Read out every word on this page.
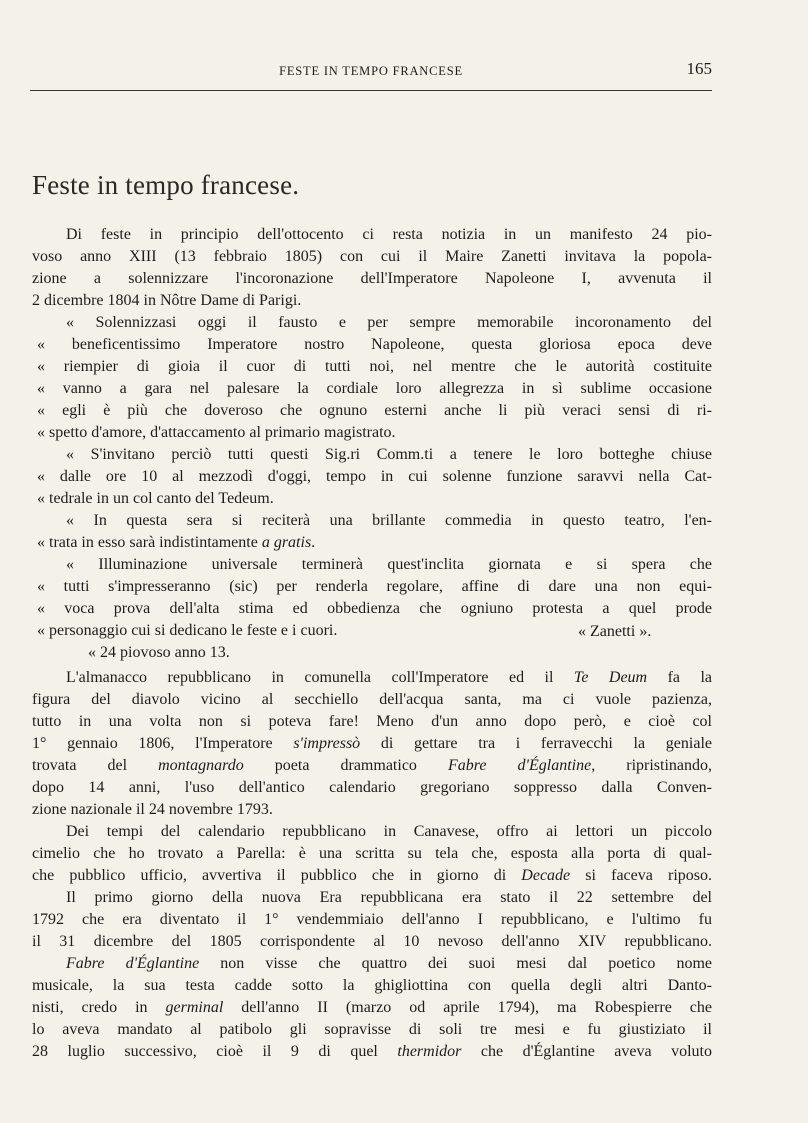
FESTE IN TEMPO FRANCESE	165
Feste in tempo francese.
Di feste in principio dell'ottocento ci resta notizia in un manifesto 24 pio-
voso anno XIII (13 febbraio 1805) con cui il Maire Zanetti invitava la popola-
zione a solennizzare l'incoronazione dell'Imperatore Napoleone I, avvenuta il
2 dicembre 1804 in Nôtre Dame di Parigi.
« Solennizzasi oggi il fausto e per sempre memorabile incoronamento del
« beneficentissimo Imperatore nostro Napoleone, questa gloriosa epoca deve
« riempier di gioia il cuor di tutti noi, nel mentre che le autorità costituite
« vanno a gara nel palesare la cordiale loro allegrezza in sì sublime occasione
« egli è più che doveroso che ognuno esterni anche li più veraci sensi di ri-
« spetto d'amore, d'attaccamento al primario magistrato.
« S'invitano perciò tutti questi Sig.ri Comm.ti a tenere le loro botteghe chiuse
« dalle ore 10 al mezzodì d'oggi, tempo in cui solenne funzione saravvi nella Cat-
« tedrale in un col canto del Tedeum.
« In questa sera si reciterà una brillante commedia in questo teatro, l'en-
« trata in esso sarà indistintamente a gratis.
« Illuminazione universale terminerà quest'inclita giornata e si spera che
« tutti s'impresseranno (sic) per renderla regolare, affine di dare una non equi-
« voca prova dell'alta stima ed obbedienza che ogniuno protesta a quel prode
« personaggio cui si dedicano le feste e i cuori.
« 24 piovoso anno 13.
L'almanacco repubblicano in comunella coll'Imperatore ed il Te Deum fa la
figura del diavolo vicino al secchiello dell'acqua santa, ma ci vuole pazienza,
tutto in una volta non si poteva fare! Meno d'un anno dopo però, e cioè col
1° gennaio 1806, l'Imperatore s'impressò di gettare tra i ferravecchi la geniale
trovata del montagnardo poeta drammatico Fabre d'Églantine, ripristinando,
dopo 14 anni, l'uso dell'antico calendario gregoriano soppresso dalla Conven-
zione nazionale il 24 novembre 1793.
Dei tempi del calendario repubblicano in Canavese, offro ai lettori un piccolo
cimelio che ho trovato a Parella: è una scritta su tela che, esposta alla porta di qual-
che pubblico ufficio, avvertiva il pubblico che in giorno di Decade si faceva riposo.
Il primo giorno della nuova Era repubblicana era stato il 22 settembre del
1792 che era diventato il 1° vendemmiaio dell'anno I repubblicano, e l'ultimo fu
il 31 dicembre del 1805 corrispondente al 10 nevoso dell'anno XIV repubblicano.
Fabre d'Églantine non visse che quattro dei suoi mesi dal poetico nome
musicale, la sua testa cadde sotto la ghigliottina con quella degli altri Danto-
nisti, credo in germinal dell'anno II (marzo od aprile 1794), ma Robespierre che
lo aveva mandato al patibolo gli sopravisse di soli tre mesi e fu giustiziato il
28 luglio successivo, cioè il 9 di quel thermidor che d'Églantine aveva voluto
« Zanetti ».
